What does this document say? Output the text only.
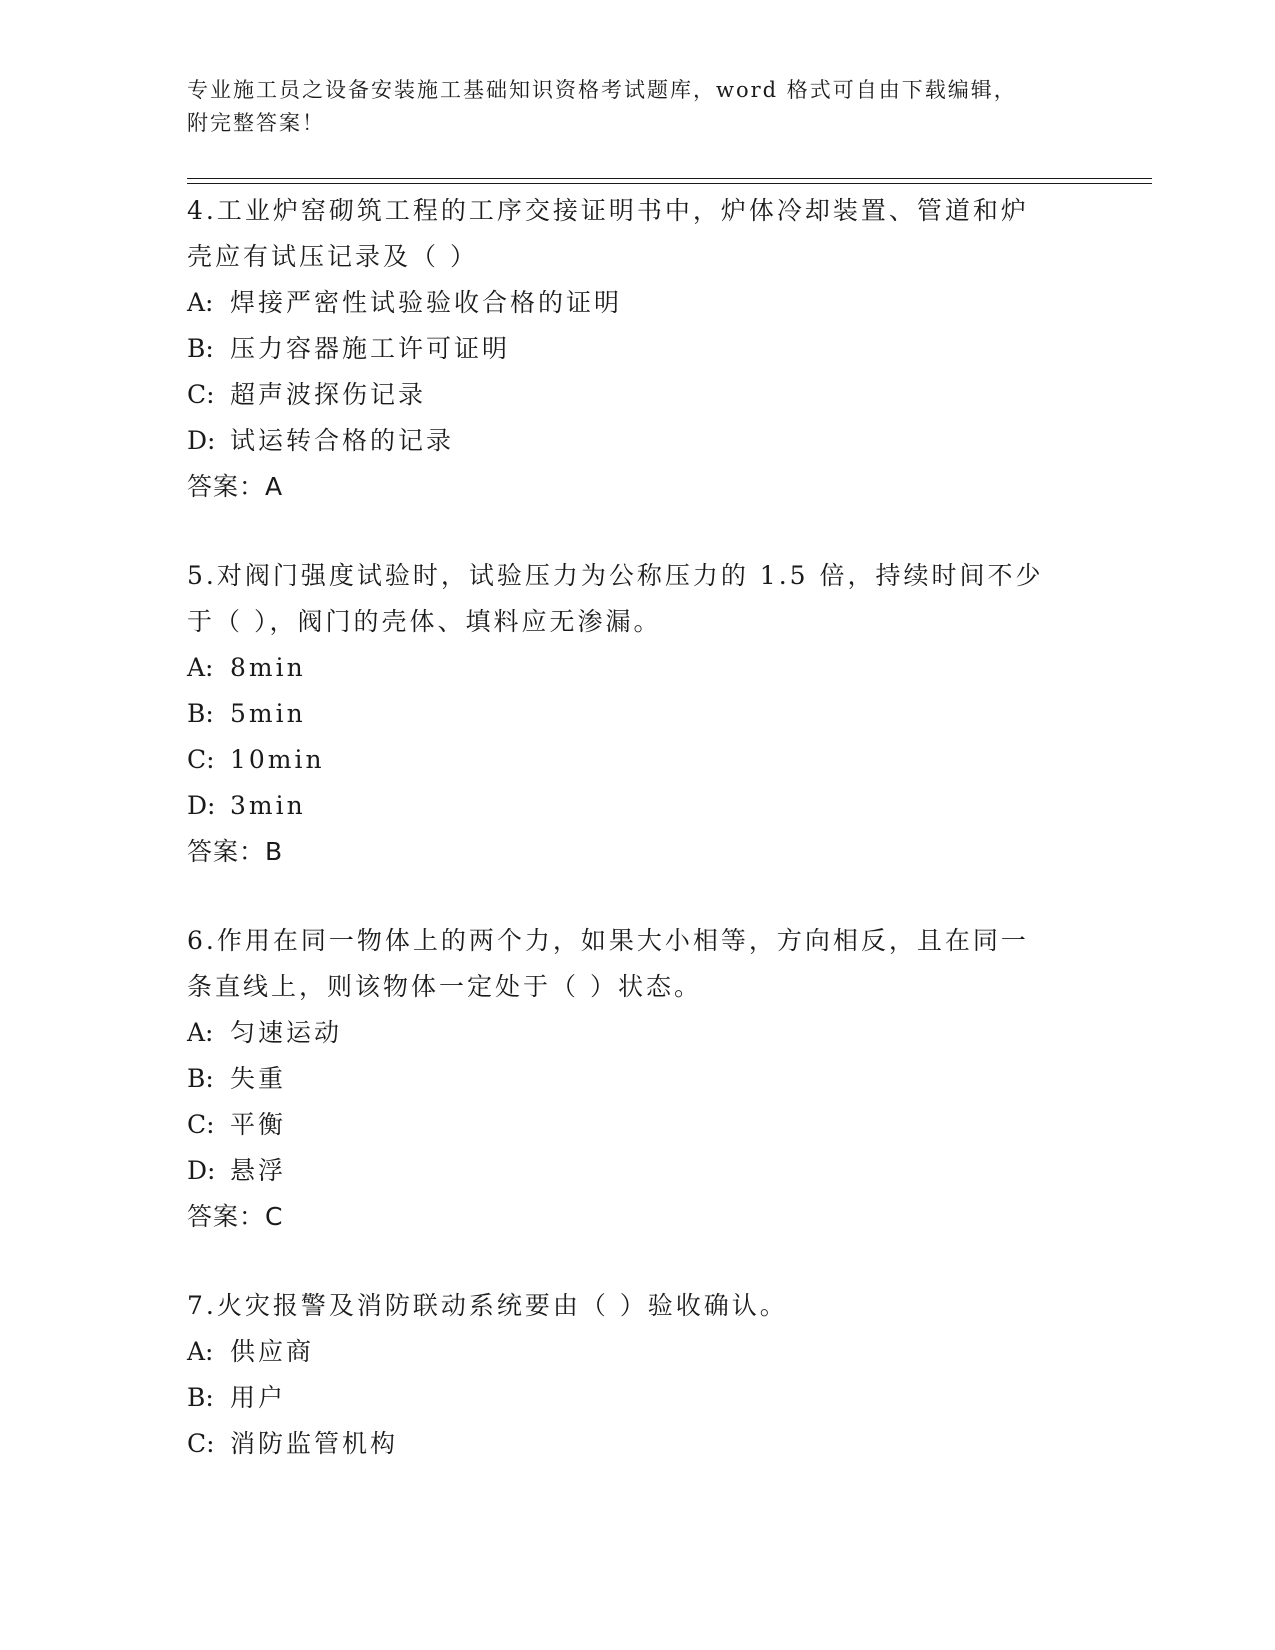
专业施工员之设备安装施工基础知识资格考试题库，word 格式可自由下载编辑，
附完整答案！
4.工业炉窑砌筑工程的工序交接证明书中，炉体冷却装置、管道和炉
壳应有试压记录及（ ）
A: 焊接严密性试验验收合格的证明
B: 压力容器施工许可证明
C: 超声波探伤记录
D: 试运转合格的记录
答案：A
5.对阀门强度试验时，试验压力为公称压力的 1.5 倍，持续时间不少
于（ ），阀门的壳体、填料应无渗漏。
A: 8min
B: 5min
C: 10min
D: 3min
答案：B
6.作用在同一物体上的两个力，如果大小相等，方向相反，且在同一
条直线上，则该物体一定处于（ ）状态。
A: 匀速运动
B: 失重
C: 平衡
D: 悬浮
答案：C
7.火灾报警及消防联动系统要由（ ）验收确认。
A: 供应商
B: 用户
C: 消防监管机构
